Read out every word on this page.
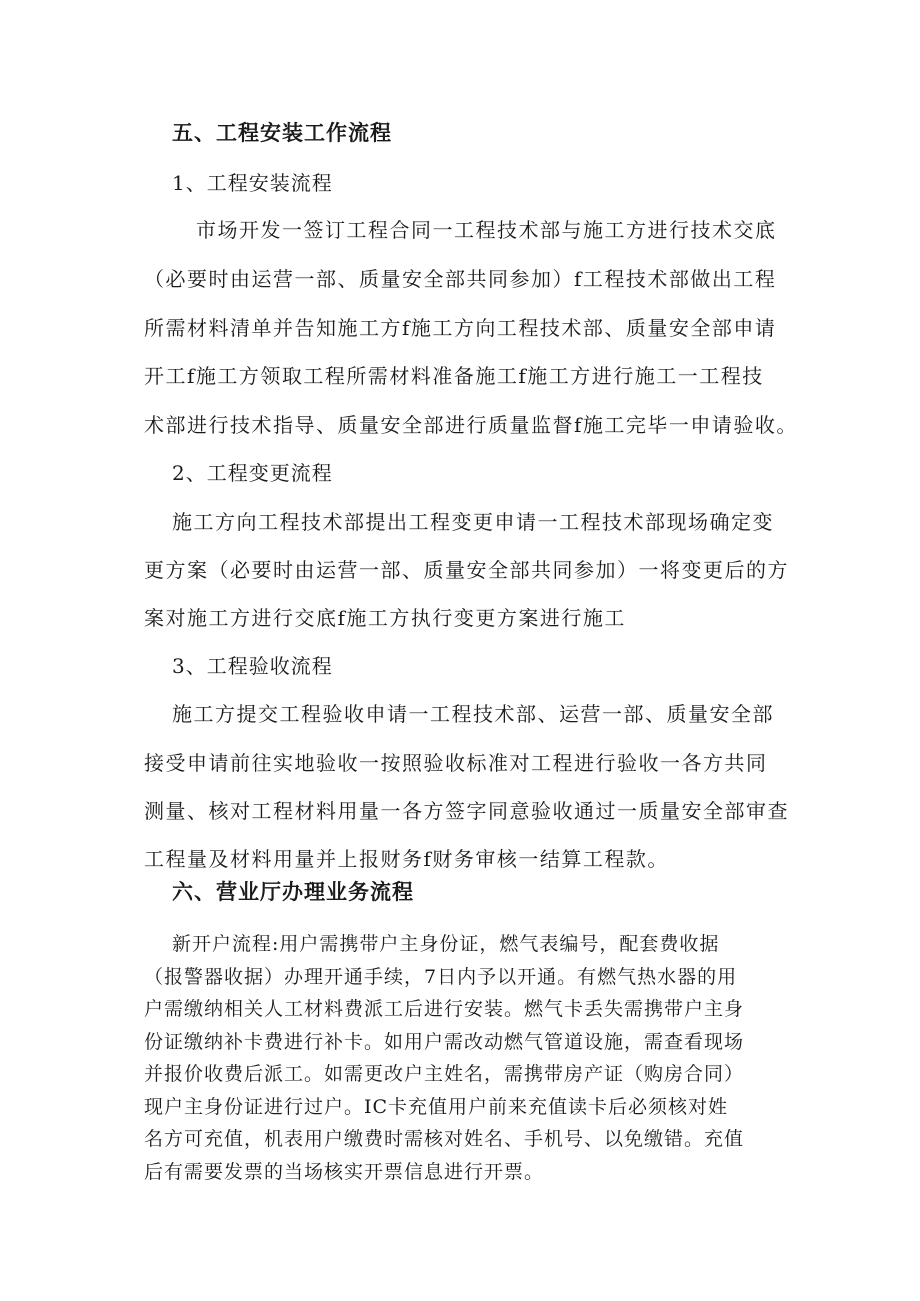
五、工程安装工作流程
1、工程安装流程
市场开发一签订工程合同一工程技术部与施工方进行技术交底
（必要时由运营一部、质量安全部共同参加）f工程技术部做出工程
所需材料清单并告知施工方f施工方向工程技术部、质量安全部申请
开工f施工方领取工程所需材料准备施工f施工方进行施工一工程技
术部进行技术指导、质量安全部进行质量监督f施工完毕一申请验收。
2、工程变更流程
施工方向工程技术部提出工程变更申请一工程技术部现场确定变
更方案（必要时由运营一部、质量安全部共同参加）一将变更后的方
案对施工方进行交底f施工方执行变更方案进行施工
3、工程验收流程
施工方提交工程验收申请一工程技术部、运营一部、质量安全部
接受申请前往实地验收一按照验收标准对工程进行验收一各方共同
测量、核对工程材料用量一各方签字同意验收通过一质量安全部审查
工程量及材料用量并上报财务f财务审核一结算工程款。
六、营业厅办理业务流程
新开户流程:用户需携带户主身份证，燃气表编号，配套费收据
（报警器收据）办理开通手续，7日内予以开通。有燃气热水器的用
户需缴纳相关人工材料费派工后进行安装。燃气卡丢失需携带户主身
份证缴纳补卡费进行补卡。如用户需改动燃气管道设施，需查看现场
并报价收费后派工。如需更改户主姓名，需携带房产证（购房合同）
现户主身份证进行过户。IC卡充值用户前来充值读卡后必须核对姓
名方可充值，机表用户缴费时需核对姓名、手机号、以免缴错。充值
后有需要发票的当场核实开票信息进行开票。
